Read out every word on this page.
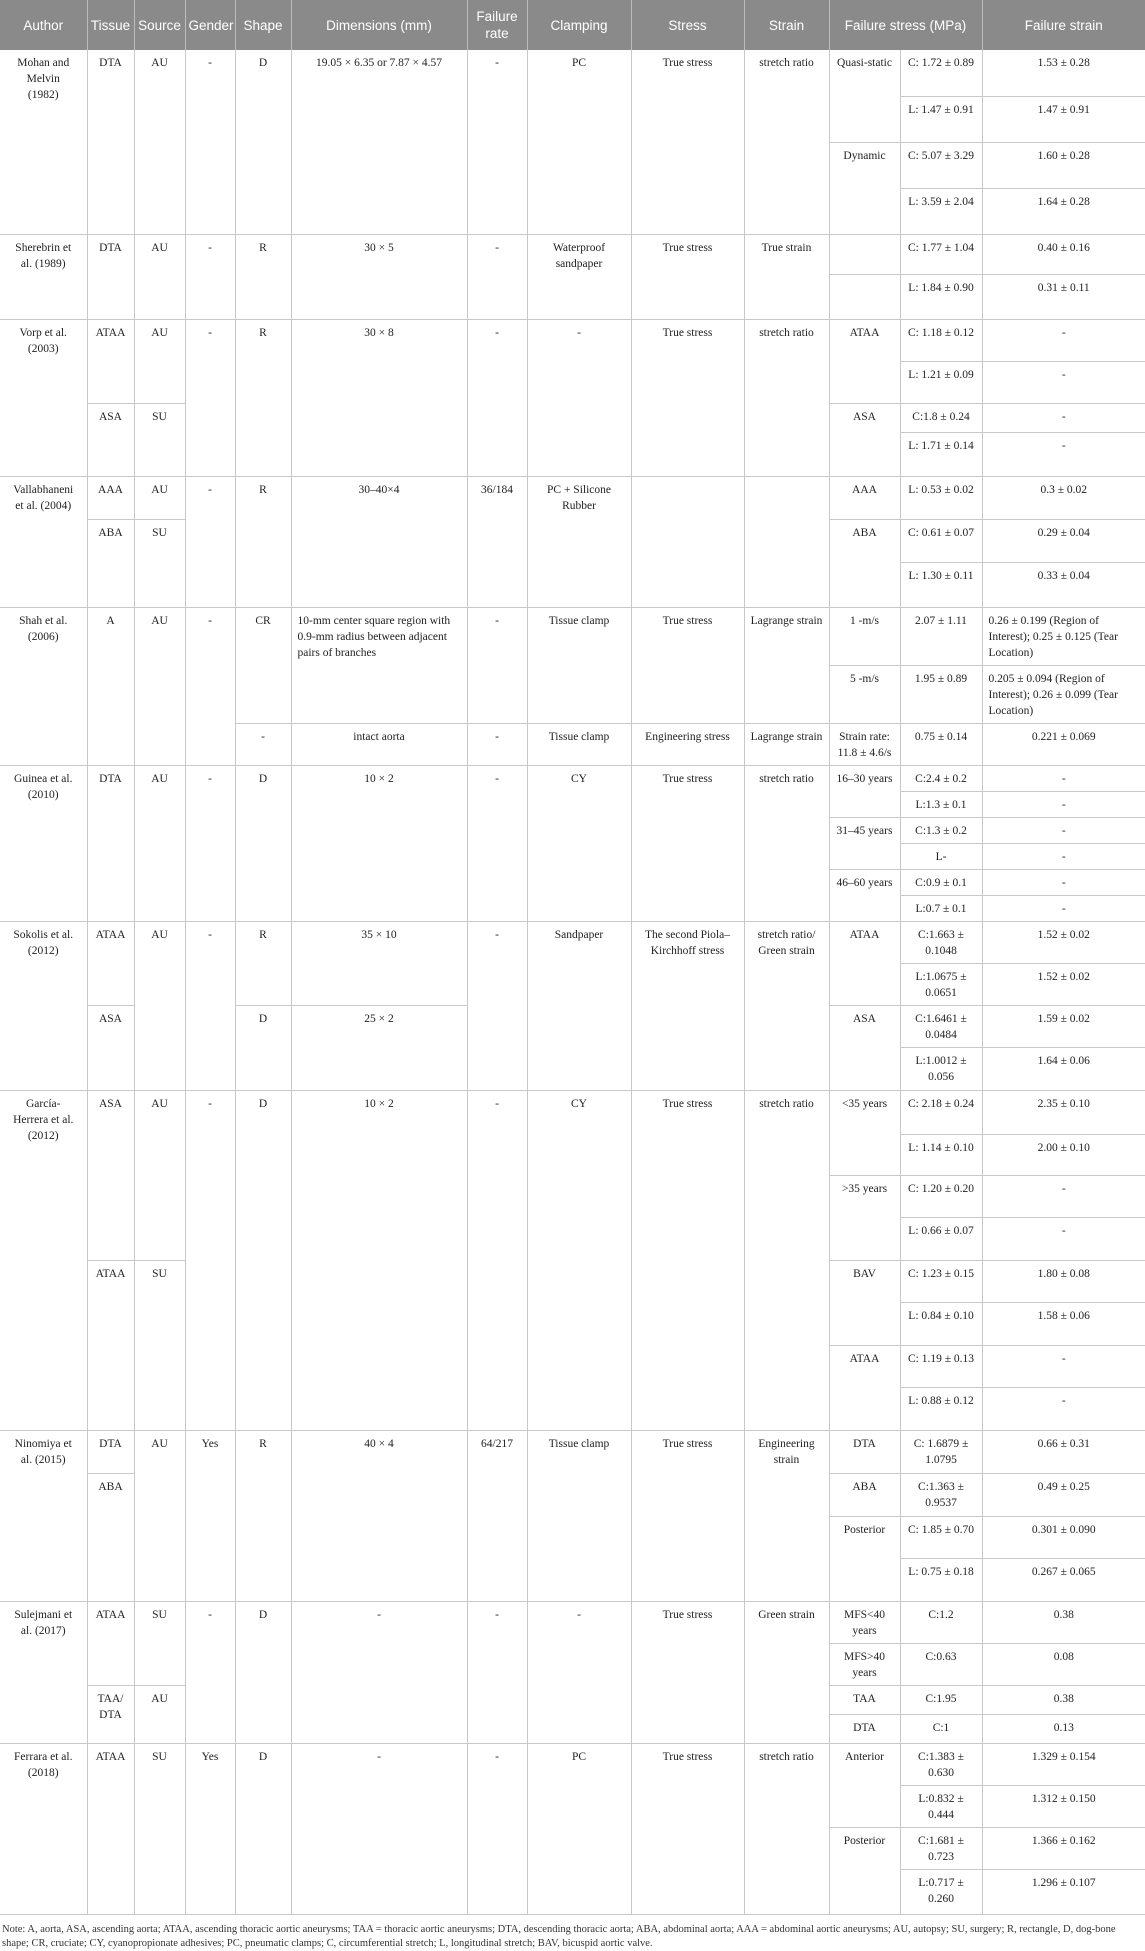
Author	Tissue	Source	Gender	Shape	Dimensions (mm)	Failure rate	Clamping	Stress	Strain	Failure stress (MPa)		Failure strain
Mohan and Melvin (1982)	DTA	AU	-	D	19.05 × 6.35 or 7.87 × 4.57	-	PC	True stress	stretch ratio	Quasi-static	C: 1.72 ± 0.89	1.53 ± 0.28
											L: 1.47 ± 0.91	1.47 ± 0.91
										Dynamic	C: 5.07 ± 3.29	1.60 ± 0.28
											L: 3.59 ± 2.04	1.64 ± 0.28
Sherebrin et al. (1989)	DTA	AU	-	R	30 × 5	-	Waterproof sandpaper	True stress	True strain		C: 1.77 ± 1.04	0.40 ± 0.16
											L: 1.84 ± 0.90	0.31 ± 0.11
Vorp et al. (2003)	ATAA	AU	-	R	30 × 8	-	-	True stress	stretch ratio	ATAA	C: 1.18 ± 0.12	-
											L: 1.21 ± 0.09	-
	ASA	SU								ASA	C:1.8 ± 0.24	-
											L: 1.71 ± 0.14	-
Vallabhaneni et al. (2004)	AAA	AU	-	R	30–40×4	36/184	PC + Silicone Rubber			AAA	L: 0.53 ± 0.02	0.3 ± 0.02
	ABA	SU								ABA	C: 0.61 ± 0.07	0.29 ± 0.04
											L: 1.30 ± 0.11	0.33 ± 0.04
Shah et al. (2006)	A	AU	-	CR	10-mm center square region with 0.9-mm radius between adjacent pairs of branches	-	Tissue clamp	True stress	Lagrange strain	1 -m/s	2.07 ± 1.11	0.26 ± 0.199 (Region of Interest); 0.25 ± 0.125 (Tear Location)
										5 -m/s	1.95 ± 0.89	0.205 ± 0.094 (Region of Interest); 0.26 ± 0.099 (Tear Location)
				-	intact aorta	-	Tissue clamp	Engineering stress	Lagrange strain	Strain rate: 11.8 ± 4.6/s	0.75 ± 0.14	0.221 ± 0.069
Guinea et al. (2010)	DTA	AU	-	D	10 × 2	-	CY	True stress	stretch ratio	16–30 years	C:2.4 ± 0.2	-
											L:1.3 ± 0.1	-
										31–45 years	C:1.3 ± 0.2	-
											L-	-
										46–60 years	C:0.9 ± 0.1	-
											L:0.7 ± 0.1	-
Sokolis et al. (2012)	ATAA	AU	-	R	35 × 10	-	Sandpaper	The second Piola–Kirchhoff stress	stretch ratio/ Green strain	ATAA	C:1.663 ± 0.1048	1.52 ± 0.02
											L:1.0675 ± 0.0651	1.52 ± 0.02
	ASA			D	25 × 2					ASA	C:1.6461 ± 0.0484	1.59 ± 0.02
											L:1.0012 ± 0.056	1.64 ± 0.06
García-Herrera et al. (2012)	ASA	AU	-	D	10 × 2	-	CY	True stress	stretch ratio	<35 years	C: 2.18 ± 0.24	2.35 ± 0.10
											L: 1.14 ± 0.10	2.00 ± 0.10
										>35 years	C: 1.20 ± 0.20	-
											L: 0.66 ± 0.07	-
	ATAA	SU								BAV	C: 1.23 ± 0.15	1.80 ± 0.08
											L: 0.84 ± 0.10	1.58 ± 0.06
										ATAA	C: 1.19 ± 0.13	-
											L: 0.88 ± 0.12	-
Ninomiya et al. (2015)	DTA	AU	Yes	R	40 × 4	64/217	Tissue clamp	True stress	Engineering strain	DTA	C: 1.6879 ± 1.0795	0.66 ± 0.31
	ABA									ABA	C:1.363 ± 0.9537	0.49 ± 0.25
										Posterior	C: 1.85 ± 0.70	0.301 ± 0.090
											L: 0.75 ± 0.18	0.267 ± 0.065
Sulejmani et al. (2017)	ATAA	SU	-	D	-	-	-	True stress	Green strain	MFS<40 years	C:1.2	0.38
										MFS>40 years	C:0.63	0.08
	TAA/ DTA	AU								TAA	C:1.95	0.38
										DTA	C:1	0.13
Ferrara et al. (2018)	ATAA	SU	Yes	D	-	-	PC	True stress	stretch ratio	Anterior	C:1.383 ± 0.630	1.329 ± 0.154
											L:0.832 ± 0.444	1.312 ± 0.150
										Posterior	C:1.681 ± 0.723	1.366 ± 0.162
											L:0.717 ± 0.260	1.296 ± 0.107
Note: A, aorta, ASA, ascending aorta; ATAA, ascending thoracic aortic aneurysms; TAA = thoracic aortic aneurysms; DTA, descending thoracic aorta; ABA, abdominal aorta; AAA = abdominal aortic aneurysms; AU, autopsy; SU, surgery; R, rectangle, D, dog-bone shape; CR, cruciate; CY, cyanopropionate adhesives; PC, pneumatic clamps; C, circumferential stretch; L, longitudinal stretch; BAV, bicuspid aortic valve.
